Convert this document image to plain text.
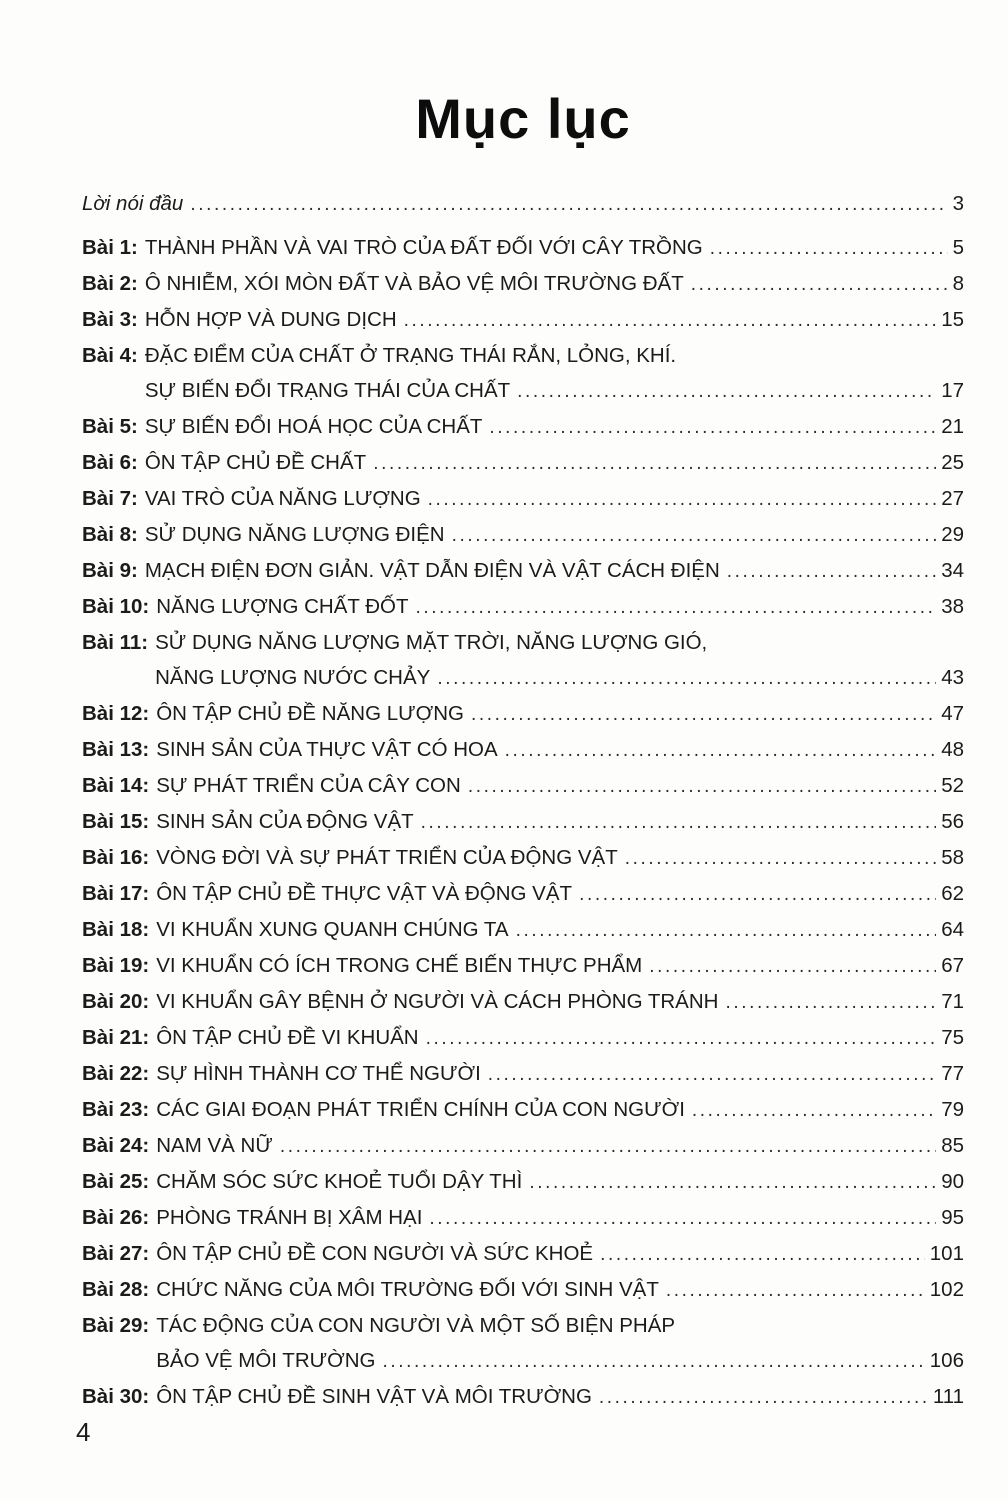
Mục lục
Lời nói đầu .....	3
Bài 1: THÀNH PHẦN VÀ VAI TRÒ CỦA ĐẤT ĐỐI VỚI CÂY TRỒNG .....	5
Bài 2: Ô NHIỄM, XÓI MÒN ĐẤT VÀ BẢO VỆ MÔI TRƯỜNG ĐẤT .....	8
Bài 3: HỖN HỢP VÀ DUNG DỊCH .....	15
Bài 4: ĐẶC ĐIỂM CỦA CHẤT Ở TRẠNG THÁI RẮN, LỎNG, KHÍ.
SỰ BIẾN ĐỔI TRẠNG THÁI CỦA CHẤT .....	17
Bài 5: SỰ BIẾN ĐỔI HOÁ HỌC CỦA CHẤT .....	21
Bài 6: ÔN TẬP CHỦ ĐỀ CHẤT .....	25
Bài 7: VAI TRÒ CỦA NĂNG LƯỢNG .....	27
Bài 8: SỬ DỤNG NĂNG LƯỢNG ĐIỆN .....	29
Bài 9: MẠCH ĐIỆN ĐƠN GIẢN. VẬT DẪN ĐIỆN VÀ VẬT CÁCH ĐIỆN .....	34
Bài 10: NĂNG LƯỢNG CHẤT ĐỐT .....	38
Bài 11: SỬ DỤNG NĂNG LƯỢNG MẶT TRỜI, NĂNG LƯỢNG GIÓ,
NĂNG LƯỢNG NƯỚC CHẢY .....	43
Bài 12: ÔN TẬP CHỦ ĐỀ NĂNG LƯỢNG .....	47
Bài 13: SINH SẢN CỦA THỰC VẬT CÓ HOA .....	48
Bài 14: SỰ PHÁT TRIỂN CỦA CÂY CON .....	52
Bài 15: SINH SẢN CỦA ĐỘNG VẬT .....	56
Bài 16: VÒNG ĐỜI VÀ SỰ PHÁT TRIỂN CỦA ĐỘNG VẬT .....	58
Bài 17: ÔN TẬP CHỦ ĐỀ THỰC VẬT VÀ ĐỘNG VẬT .....	62
Bài 18: VI KHUẨN XUNG QUANH CHÚNG TA .....	64
Bài 19: VI KHUẨN CÓ ÍCH TRONG CHẾ BIẾN THỰC PHẨM .....	67
Bài 20: VI KHUẨN GÂY BỆNH Ở NGƯỜI VÀ CÁCH PHÒNG TRÁNH .....	71
Bài 21: ÔN TẬP CHỦ ĐỀ VI KHUẨN .....	75
Bài 22: SỰ HÌNH THÀNH CƠ THỂ NGƯỜI .....	77
Bài 23: CÁC GIAI ĐOẠN PHÁT TRIỂN CHÍNH CỦA CON NGƯỜI .....	79
Bài 24: NAM VÀ NỮ .....	85
Bài 25: CHĂM SÓC SỨC KHOẺ TUỔI DẬY THÌ .....	90
Bài 26: PHÒNG TRÁNH BỊ XÂM HẠI .....	95
Bài 27: ÔN TẬP CHỦ ĐỀ CON NGƯỜI VÀ SỨC KHOẺ .....	101
Bài 28: CHỨC NĂNG CỦA MÔI TRƯỜNG ĐỐI VỚI SINH VẬT .....	102
Bài 29: TÁC ĐỘNG CỦA CON NGƯỜI VÀ MỘT SỐ BIỆN PHÁP
BẢO VỆ MÔI TRƯỜNG .....	106
Bài 30: ÔN TẬP CHỦ ĐỀ SINH VẬT VÀ MÔI TRƯỜNG .....	111
4
